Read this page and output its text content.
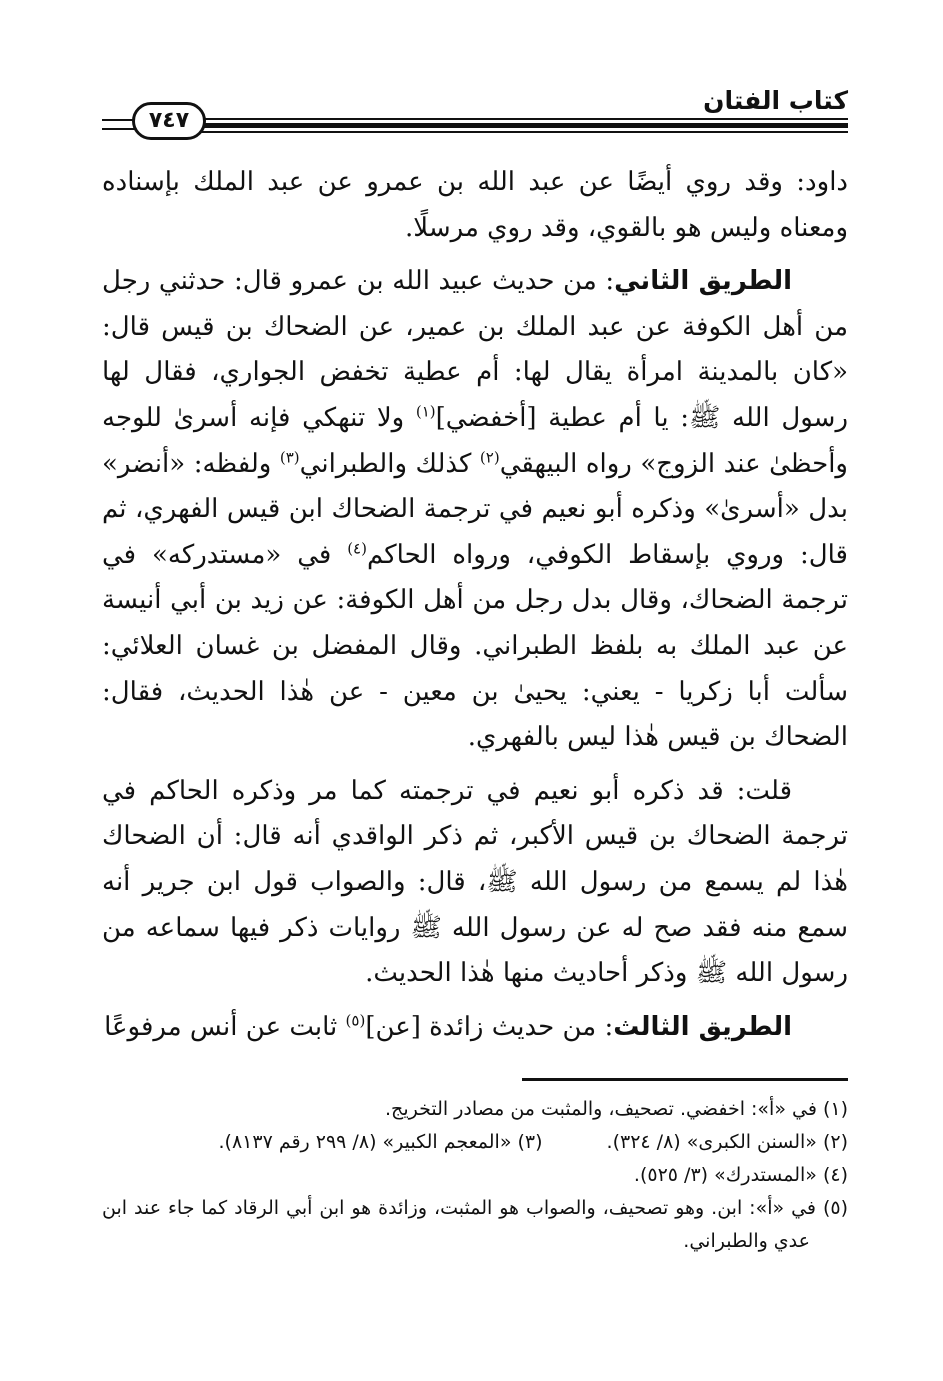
كتاب الفتان
٧٤٧

داود: وقد روي أيضًا عن عبد الله بن عمرو عن عبد الملك بإسناده ومعناه وليس هو بالقوي، وقد روي مرسلًا.

الطريق الثاني: من حديث عبيد الله بن عمرو قال: حدثني رجل من أهل الكوفة عن عبد الملك بن عمير، عن الضحاك بن قيس قال: «كان بالمدينة امرأة يقال لها: أم عطية تخفض الجواري، فقال لها رسول الله ﷺ: يا أم عطية [أخفضي]$^{(١)}$ ولا تنهكي فإنه أسرىٰ للوجه وأحظىٰ عند الزوج» رواه البيهقي$^{(٢)}$ كذلك والطبراني$^{(٣)}$ ولفظه: «أنضر» بدل «أسرىٰ» وذكره أبو نعيم في ترجمة الضحاك ابن قيس الفهري، ثم قال: وروي بإسقاط الكوفي، ورواه الحاكم$^{(٤)}$ في «مستدركه» في ترجمة الضحاك، وقال بدل رجل من أهل الكوفة: عن زيد بن أبي أنيسة عن عبد الملك به بلفظ الطبراني. وقال المفضل بن غسان العلائي: سألت أبا زكريا - يعني: يحيىٰ بن معين - عن هٰذا الحديث، فقال: الضحاك بن قيس هٰذا ليس بالفهري.

قلت: قد ذكره أبو نعيم في ترجمته كما مر وذكره الحاكم في ترجمة الضحاك بن قيس الأكبر، ثم ذكر الواقدي أنه قال: أن الضحاك هٰذا لم يسمع من رسول الله ﷺ، قال: والصواب قول ابن جرير أنه سمع منه فقد صح له عن رسول الله ﷺ روايات ذكر فيها سماعه من رسول الله ﷺ وذكر أحاديث منها هٰذا الحديث.

الطريق الثالث: من حديث زائدة [عن]$^{(٥)}$ ثابت عن أنس مرفوعًا

(١) في «أ»: اخفضي. تصحيف، والمثبت من مصادر التخريج.

(٢) «السنن الكبرى» (٨/ ٣٢٤).
(٣) «المعجم الكبير» (٨/ ٢٩٩ رقم ٨١٣٧).

(٤) «المستدرك» (٣/ ٥٢٥).

(٥) في «أ»: ابن. وهو تصحيف، والصواب هو المثبت، وزائدة هو ابن أبي الرقاد كما جاء عند ابن عدي والطبراني.
